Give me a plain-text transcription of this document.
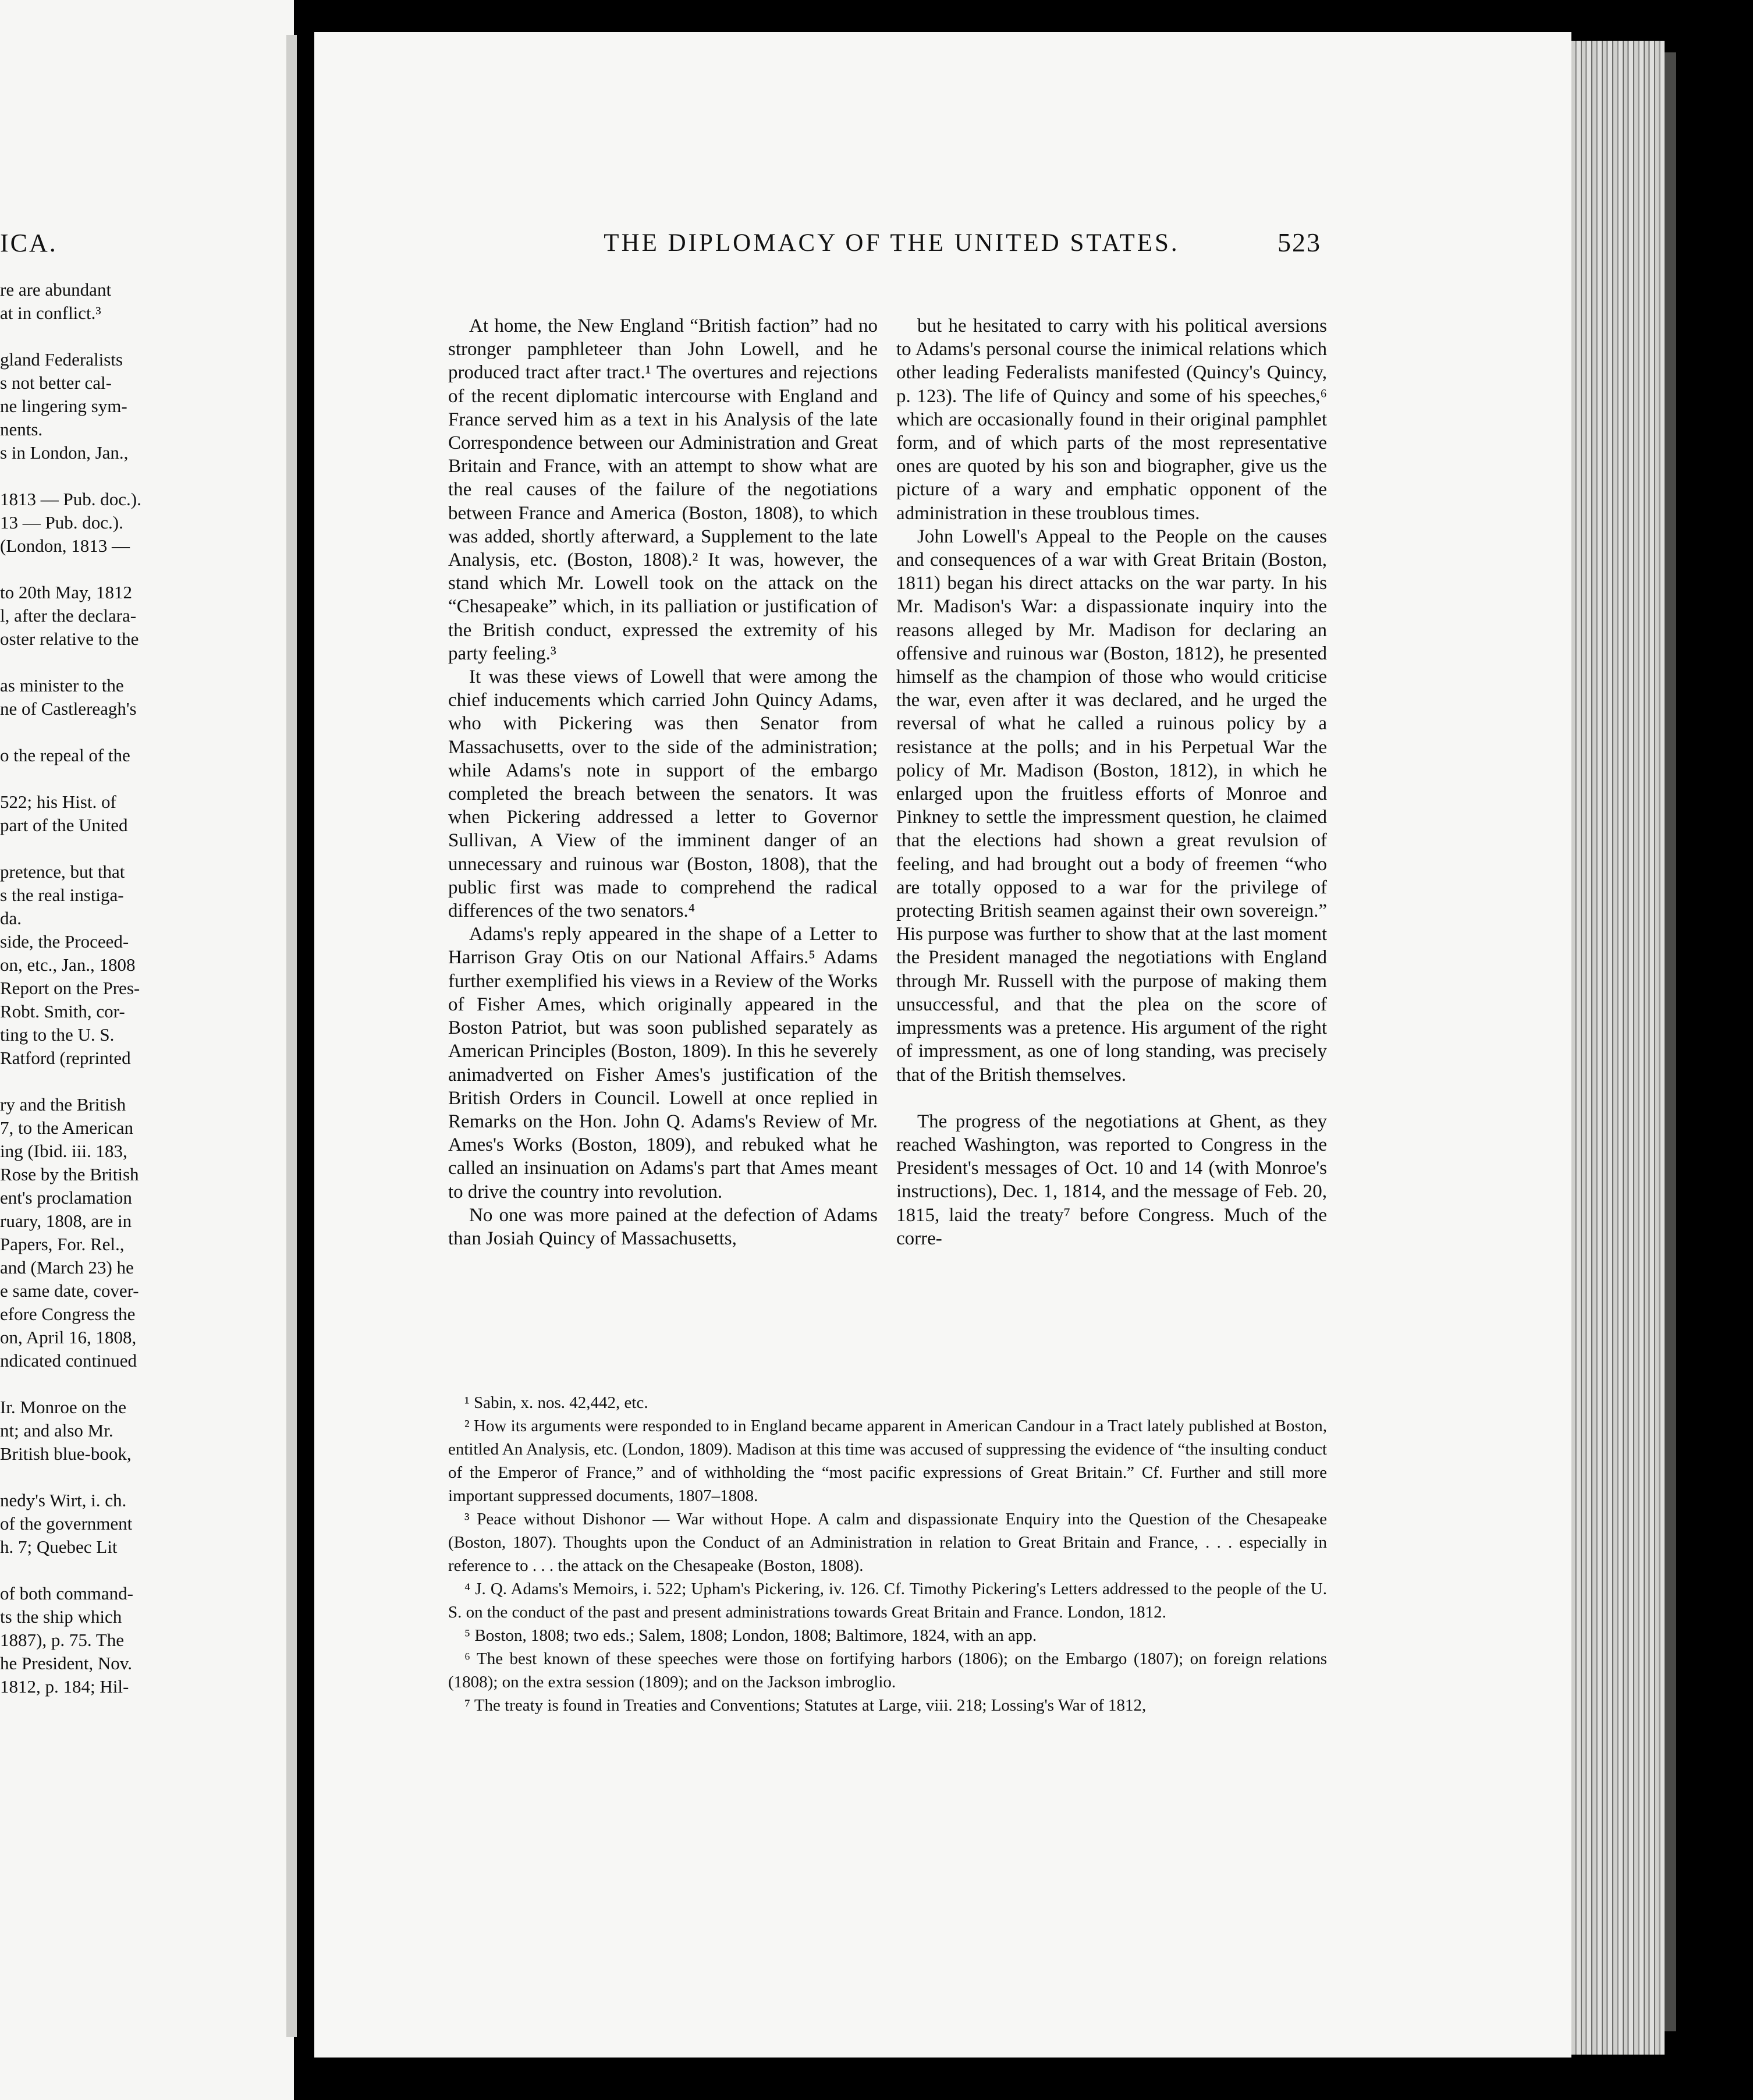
ICA.
re are abundant
at in conflict.³
gland Federalists
s not better cal-
ne lingering sym-
nents.
s in London, Jan.,
1813 — Pub. doc.).
13 — Pub. doc.).
(London, 1813 —
to 20th May, 1812
l, after the declara-
oster relative to the
as minister to the
ne of Castlereagh's
o the repeal of the
522; his Hist. of
part of the United
pretence, but that
s the real instiga-
da.
side, the Proceed-
on, etc., Jan., 1808
Report on the Pres-
Robt. Smith, cor-
ting to the U. S.
Ratford (reprinted
ry and the British
7, to the American
ing (Ibid. iii. 183,
Rose by the British
ent's proclamation
ruary, 1808, are in
Papers, For. Rel.,
and (March 23) he
e same date, cover-
efore Congress the
on, April 16, 1808,
ndicated continued
Ir. Monroe on the
nt; and also Mr.
British blue-book,
nedy's Wirt, i. ch.
of the government
h. 7; Quebec Lit
of both command-
ts the ship which
1887), p. 75. The
he President, Nov.
1812, p. 184; Hil-
THE DIPLOMACY OF THE UNITED STATES.	523

At home, the New England “British faction” had no stronger pamphleteer than John Lowell, and he produced tract after tract.¹ The overtures and rejections of the recent diplomatic intercourse with England and France served him as a text in his Analysis of the late Correspondence between our Administration and Great Britain and France, with an attempt to show what are the real causes of the failure of the negotiations between France and America (Boston, 1808), to which was added, shortly afterward, a Supplement to the late Analysis, etc. (Boston, 1808).² It was, however, the stand which Mr. Lowell took on the attack on the “Chesapeake” which, in its palliation or justification of the British conduct, expressed the extremity of his party feeling.³

It was these views of Lowell that were among the chief inducements which carried John Quincy Adams, who with Pickering was then Senator from Massachusetts, over to the side of the administration; while Adams's note in support of the embargo completed the breach between the senators. It was when Pickering addressed a letter to Governor Sullivan, A View of the imminent danger of an unnecessary and ruinous war (Boston, 1808), that the public first was made to comprehend the radical differences of the two senators.⁴

Adams's reply appeared in the shape of a Letter to Harrison Gray Otis on our National Affairs.⁵ Adams further exemplified his views in a Review of the Works of Fisher Ames, which originally appeared in the Boston Patriot, but was soon published separately as American Principles (Boston, 1809). In this he severely animadverted on Fisher Ames's justification of the British Orders in Council. Lowell at once replied in Remarks on the Hon. John Q. Adams's Review of Mr. Ames's Works (Boston, 1809), and rebuked what he called an insinuation on Adams's part that Ames meant to drive the country into revolution.

No one was more pained at the defection of Adams than Josiah Quincy of Massachusetts,

but he hesitated to carry with his political aversions to Adams's personal course the inimical relations which other leading Federalists manifested (Quincy's Quincy, p. 123). The life of Quincy and some of his speeches,⁶ which are occasionally found in their original pamphlet form, and of which parts of the most representative ones are quoted by his son and biographer, give us the picture of a wary and emphatic opponent of the administration in these troublous times.

John Lowell's Appeal to the People on the causes and consequences of a war with Great Britain (Boston, 1811) began his direct attacks on the war party. In his Mr. Madison's War: a dispassionate inquiry into the reasons alleged by Mr. Madison for declaring an offensive and ruinous war (Boston, 1812), he presented himself as the champion of those who would criticise the war, even after it was declared, and he urged the reversal of what he called a ruinous policy by a resistance at the polls; and in his Perpetual War the policy of Mr. Madison (Boston, 1812), in which he enlarged upon the fruitless efforts of Monroe and Pinkney to settle the impressment question, he claimed that the elections had shown a great revulsion of feeling, and had brought out a body of freemen “who are totally opposed to a war for the privilege of protecting British seamen against their own sovereign.” His purpose was further to show that at the last moment the President managed the negotiations with England through Mr. Russell with the purpose of making them unsuccessful, and that the plea on the score of impressments was a pretence. His argument of the right of impressment, as one of long standing, was precisely that of the British themselves.

The progress of the negotiations at Ghent, as they reached Washington, was reported to Congress in the President's messages of Oct. 10 and 14 (with Monroe's instructions), Dec. 1, 1814, and the message of Feb. 20, 1815, laid the treaty⁷ before Congress. Much of the corre-

¹ Sabin, x. nos. 42,442, etc.

² How its arguments were responded to in England became apparent in American Candour in a Tract lately published at Boston, entitled An Analysis, etc. (London, 1809). Madison at this time was accused of suppressing the evidence of “the insulting conduct of the Emperor of France,” and of withholding the “most pacific expressions of Great Britain.” Cf. Further and still more important suppressed documents, 1807–1808.

³ Peace without Dishonor — War without Hope. A calm and dispassionate Enquiry into the Question of the Chesapeake (Boston, 1807). Thoughts upon the Conduct of an Administration in relation to Great Britain and France, . . . especially in reference to . . . the attack on the Chesapeake (Boston, 1808).

⁴ J. Q. Adams's Memoirs, i. 522; Upham's Pickering, iv. 126. Cf. Timothy Pickering's Letters addressed to the people of the U. S. on the conduct of the past and present administrations towards Great Britain and France. London, 1812.

⁵ Boston, 1808; two eds.; Salem, 1808; London, 1808; Baltimore, 1824, with an app.

⁶ The best known of these speeches were those on fortifying harbors (1806); on the Embargo (1807); on foreign relations (1808); on the extra session (1809); and on the Jackson imbroglio.

⁷ The treaty is found in Treaties and Conventions; Statutes at Large, viii. 218; Lossing's War of 1812,
